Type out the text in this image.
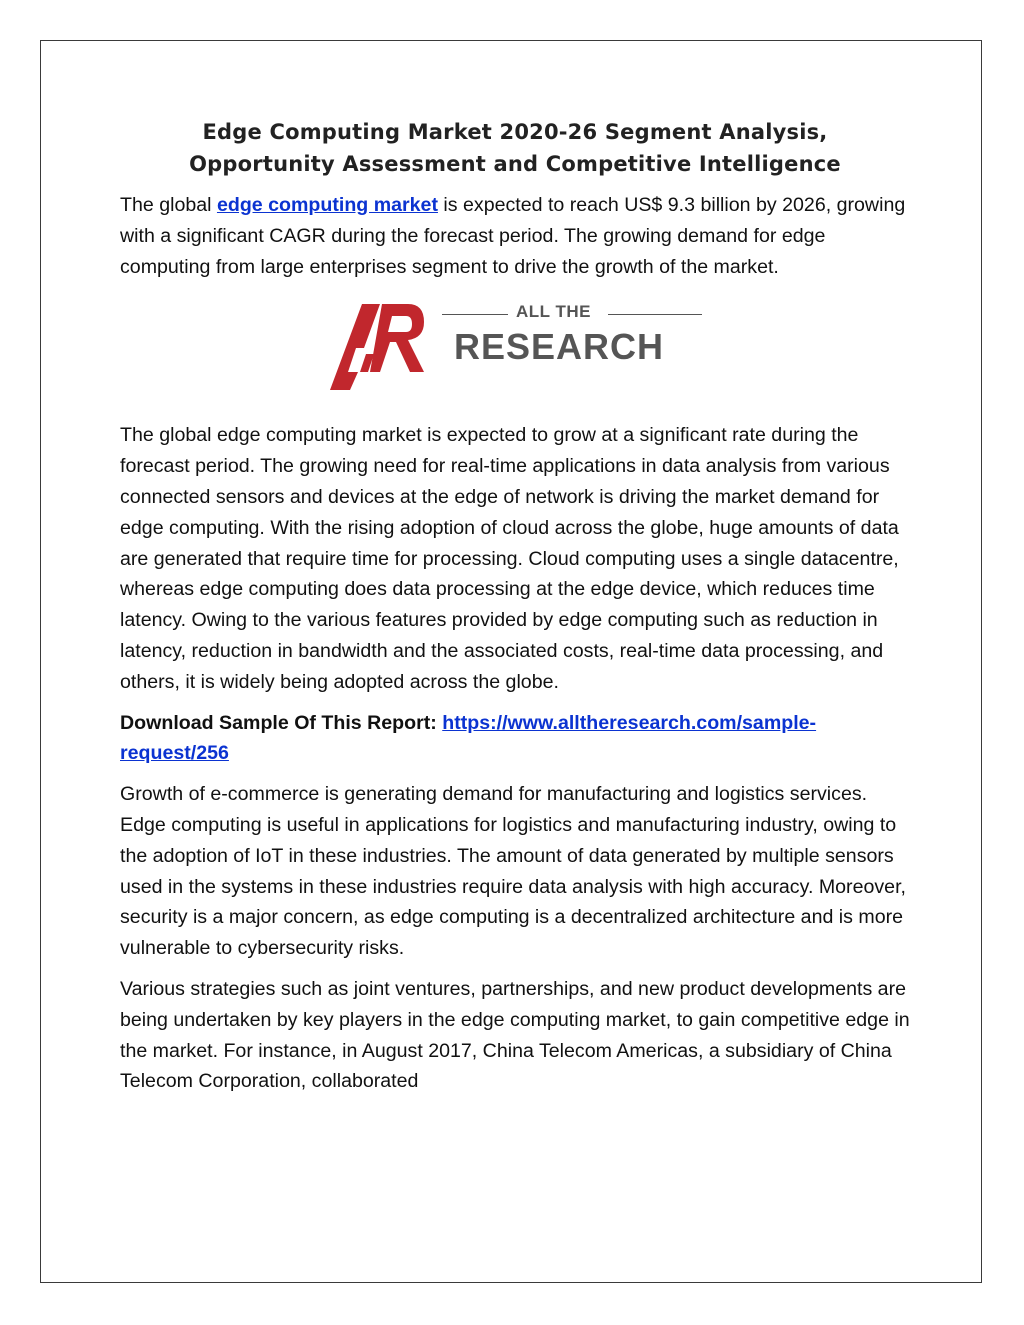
Edge Computing Market 2020-26 Segment Analysis,
Opportunity Assessment and Competitive Intelligence

The global edge computing market is expected to reach US$ 9.3 billion by 2026, growing with a significant CAGR during the forecast period. The growing demand for edge computing from large enterprises segment to drive the growth of the market.

ALL THE
RESEARCH

The global edge computing market is expected to grow at a significant rate during the forecast period. The growing need for real-time applications in data analysis from various connected sensors and devices at the edge of network is driving the market demand for edge computing. With the rising adoption of cloud across the globe, huge amounts of data are generated that require time for processing. Cloud computing uses a single datacentre, whereas edge computing does data processing at the edge device, which reduces time latency. Owing to the various features provided by edge computing such as reduction in latency, reduction in bandwidth and the associated costs, real-time data processing, and others, it is widely being adopted across the globe.

Download Sample Of This Report: https://www.alltheresearch.com/sample-request/256

Growth of e-commerce is generating demand for manufacturing and logistics services. Edge computing is useful in applications for logistics and manufacturing industry, owing to the adoption of IoT in these industries. The amount of data generated by multiple sensors used in the systems in these industries require data analysis with high accuracy. Moreover, security is a major concern, as edge computing is a decentralized architecture and is more vulnerable to cybersecurity risks.

Various strategies such as joint ventures, partnerships, and new product developments are being undertaken by key players in the edge computing market, to gain competitive edge in the market. For instance, in August 2017, China Telecom Americas, a subsidiary of China Telecom Corporation, collaborated
